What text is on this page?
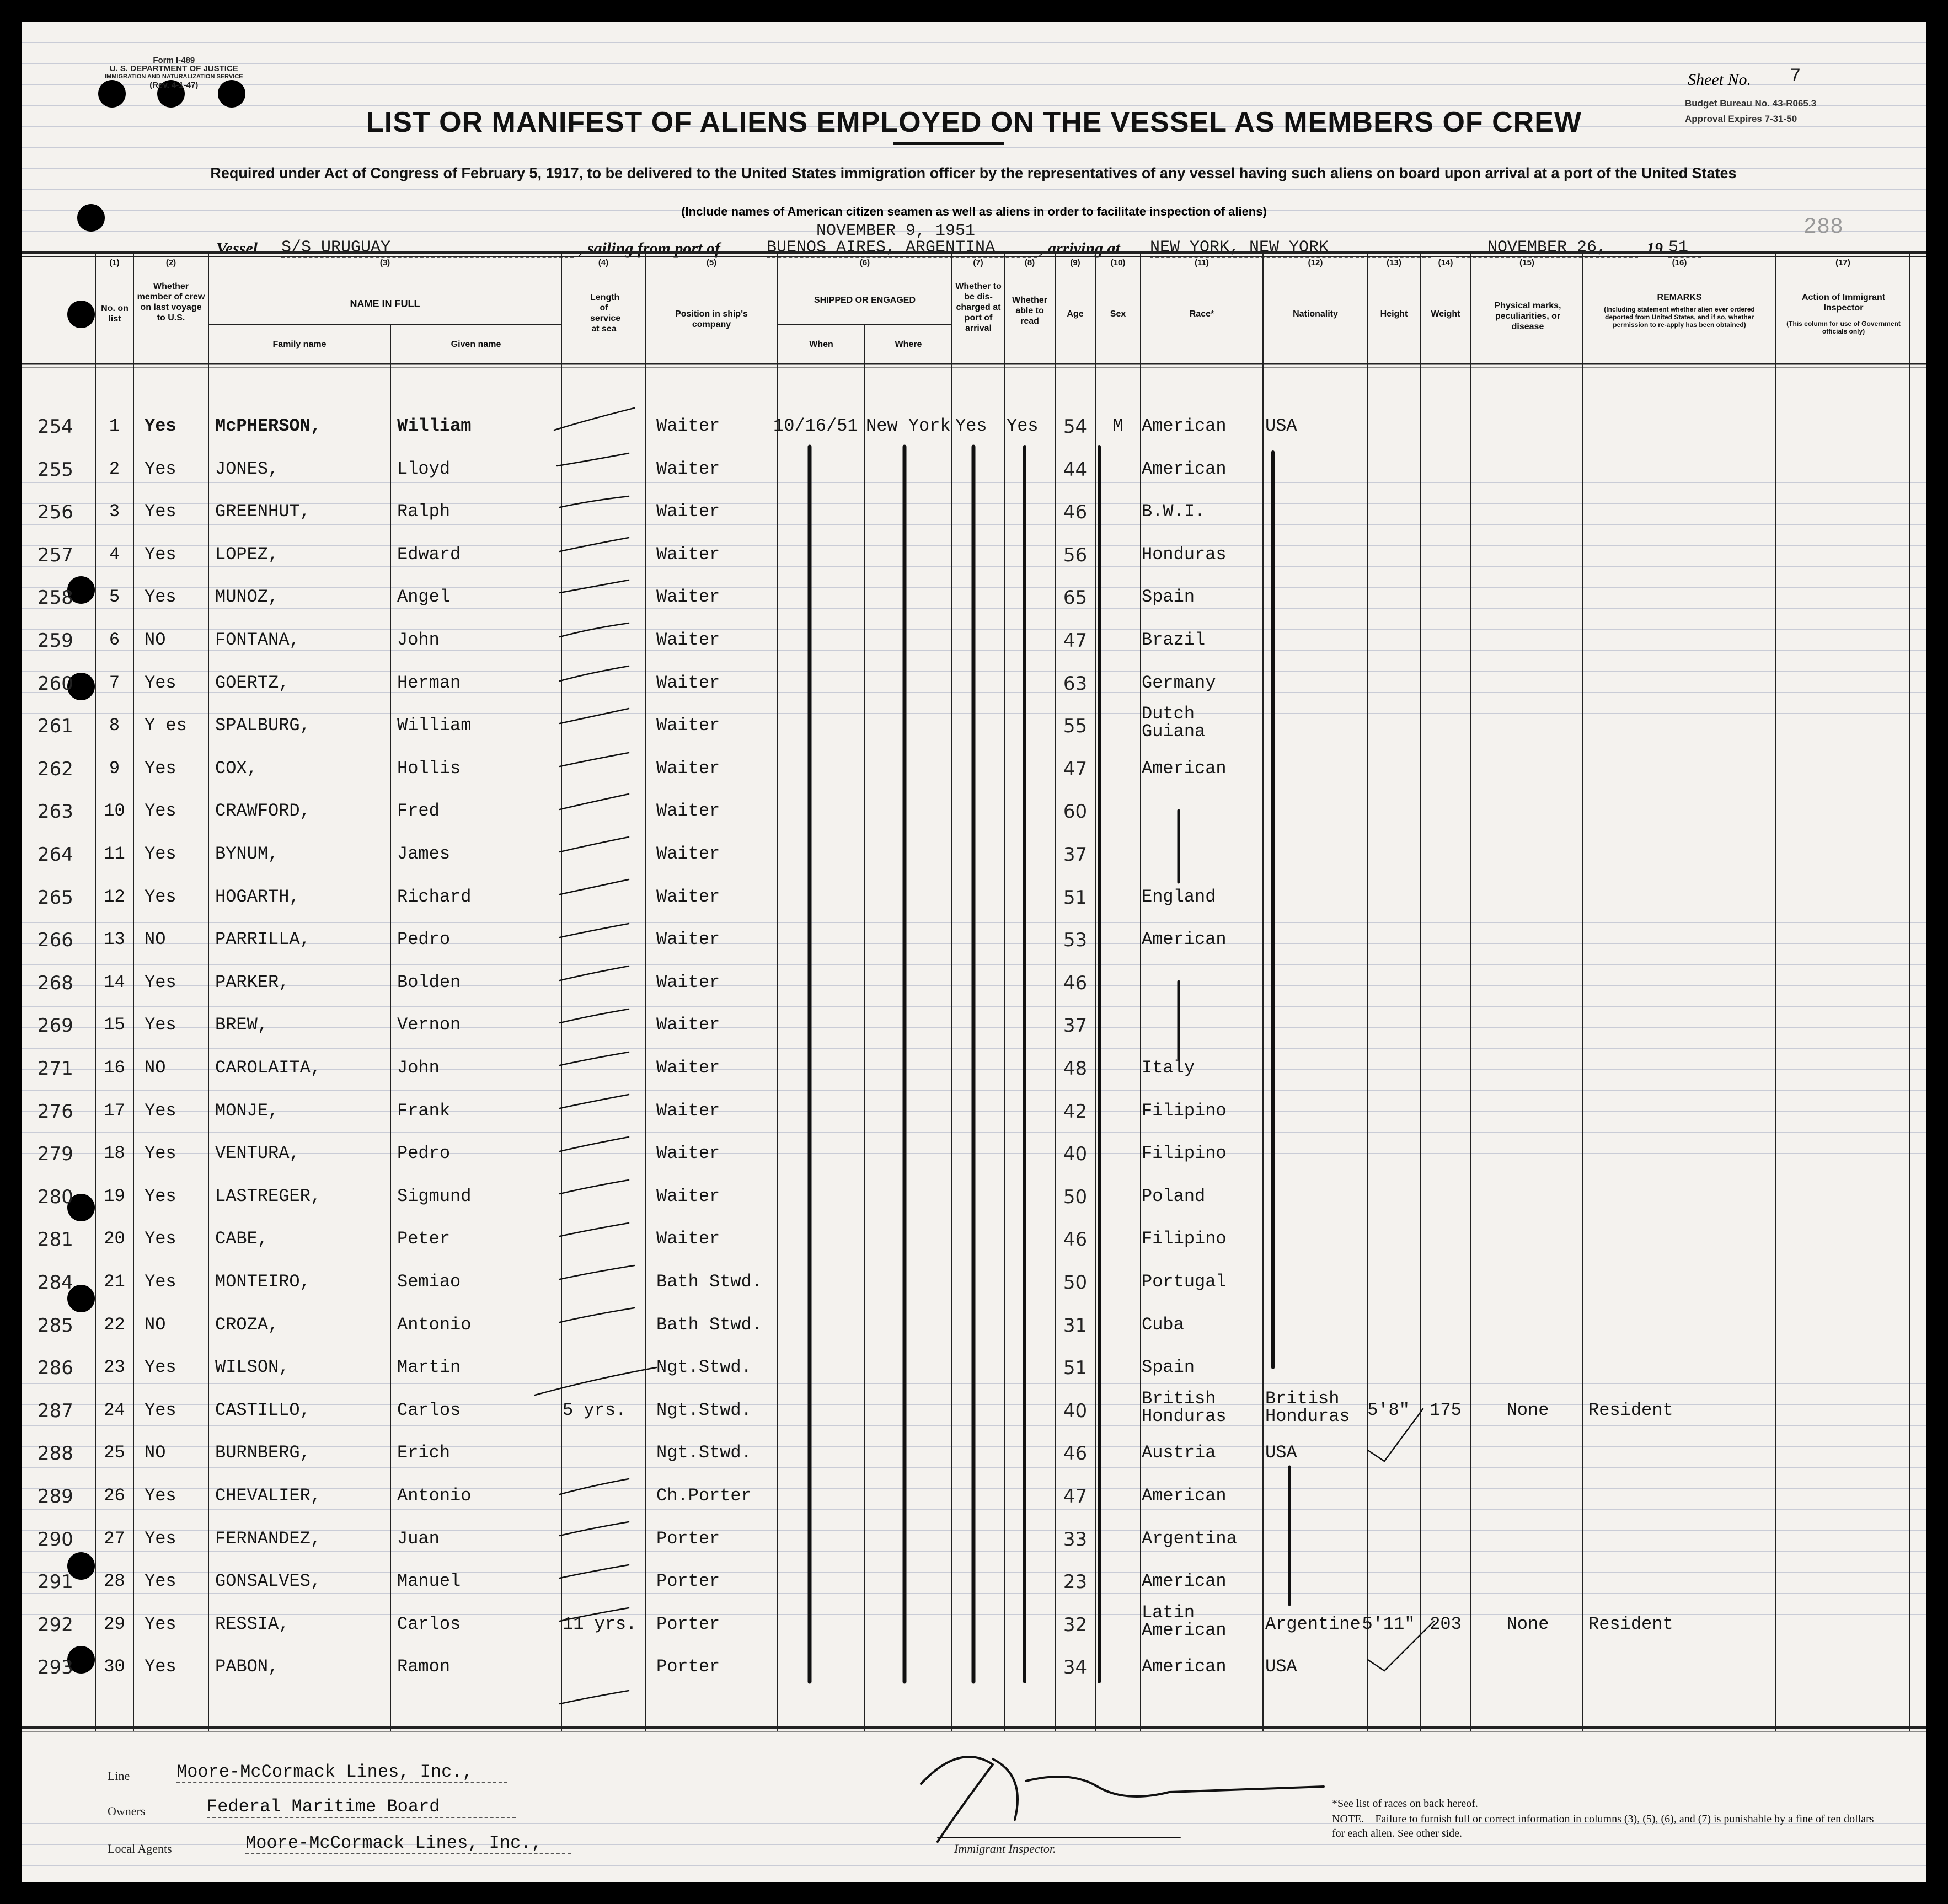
Form I-489
U. S. DEPARTMENT OF JUSTICE
IMMIGRATION AND NATURALIZATION SERVICE
(Rev. 4-1-47)	Sheet No. 7
Budget Bureau No. 43-R065.3
Approval Expires 7-31-50
LIST OR MANIFEST OF ALIENS EMPLOYED ON THE VESSEL AS MEMBERS OF CREW
Required under Act of Congress of February 5, 1917, to be delivered to the United States immigration officer by the representatives of any vessel having such aliens on board upon arrival at a port of the United States
(Include names of American citizen seamen as well as aliens in order to facilitate inspection of aliens)
288
NOVEMBER 9, 1951
Vessel S/S URUGUAY	, sailing from port of	BUENOS AIRES, ARGENTINA	, arriving at NEW YORK, NEW YORK	NOVEMBER 26,	19 51
(1)	(2)	(3)	(4)	(5)	(6)	(7)	(8)	(9)	(10)	(11)	(12)	(13)	(14)	(15)	(16)	(17)
No. on list
Whether member of crew on last voyage to U.S.
NAME IN FULL
Family name	Given name
Length of service at sea
Position in ship's company
SHIPPED OR ENGAGED
When	Where
Whether to be dis-charged at port of arrival
Whether able to read
Age	Sex	Race*	Nationality	Height	Weight
Physical marks, peculiarities, or disease
REMARKS
(Including statement whether alien ever ordered deported from United States, and if so, whether permission to re-apply has been obtained)
Action of Immigrant Inspector
(This column for use of Government officials only)
254	1	Yes	McPHERSON,	William	Waiter	10/16/51 New York Yes	Yes	54	M	American	USA
255	2	Yes	JONES,	Lloyd	Waiter	44	American
256	3	Yes	GREENHUT,	Ralph	Waiter	46	B.W.I.
257	4	Yes	LOPEZ,	Edward	Waiter	56	Honduras
258	5	Yes	MUNOZ,	Angel	Waiter	65	Spain
259	6	NO	FONTANA,	John	Waiter	47	Brazil
260	7	Yes	GOERTZ,	Herman	Waiter	63	Germany
261	8	Y es	SPALBURG,	William	Waiter	55
Dutch Guiana
262	9	Yes	COX,	Hollis	Waiter	47	American
263	10	Yes	CRAWFORD,	Fred	Waiter	60
264	11	Yes	BYNUM,	James	Waiter	37
265	12	Yes	HOGARTH,	Richard	Waiter	51	England
266	13	NO	PARRILLA,	Pedro	Waiter	53	American
268	14	Yes	PARKER,	Bolden	Waiter	46
269	15	Yes	BREW,	Vernon	Waiter	37
271	16	NO	CAROLAITA,	John	Waiter	48	Italy
276	17	Yes	MONJE,	Frank	Waiter	42	Filipino
279	18	Yes	VENTURA,	Pedro	Waiter	40	Filipino
280	19	Yes	LASTREGER,	Sigmund	Waiter	50	Poland
281	20	Yes	CABE,	Peter	Waiter	46	Filipino
284	21	Yes	MONTEIRO,	Semiao	Bath Stwd.	50	Portugal
285	22	NO	CROZA,	Antonio	Bath Stwd.	31	Cuba
286	23	Yes	WILSON,	Martin	Ngt.Stwd.	51	Spain
287	24	Yes	CASTILLO,	Carlos	5 yrs.	Ngt.Stwd.	40
British Honduras
British Honduras 5'8"	175	None	Resident
288	25	NO	BURNBERG,	Erich	Ngt.Stwd.	46	Austria	USA
289	26	Yes	CHEVALIER,	Antonio	Ch.Porter	47	American
290	27	Yes	FERNANDEZ,	Juan	Porter	33	Argentina
291	28	Yes	GONSALVES,	Manuel	Porter	23	American
292	29	Yes	RESSIA,	Carlos	11 yrs.	Porter	32
Latin American	Argentine 5'11" 203	None	Resident
293	30	Yes	PABON,	Ramon	Porter	34	American	USA
Line	Moore-McCormack Lines, Inc.,
Owners	Federal Maritime Board
Local Agents	Moore-McCormack Lines, Inc.,	Immigrant Inspector.
*See list of races on back hereof.
NOTE.—Failure to furnish full or correct information in columns (3), (5), (6), and (7) is punishable by a fine of ten dollars for each alien. See other side.
